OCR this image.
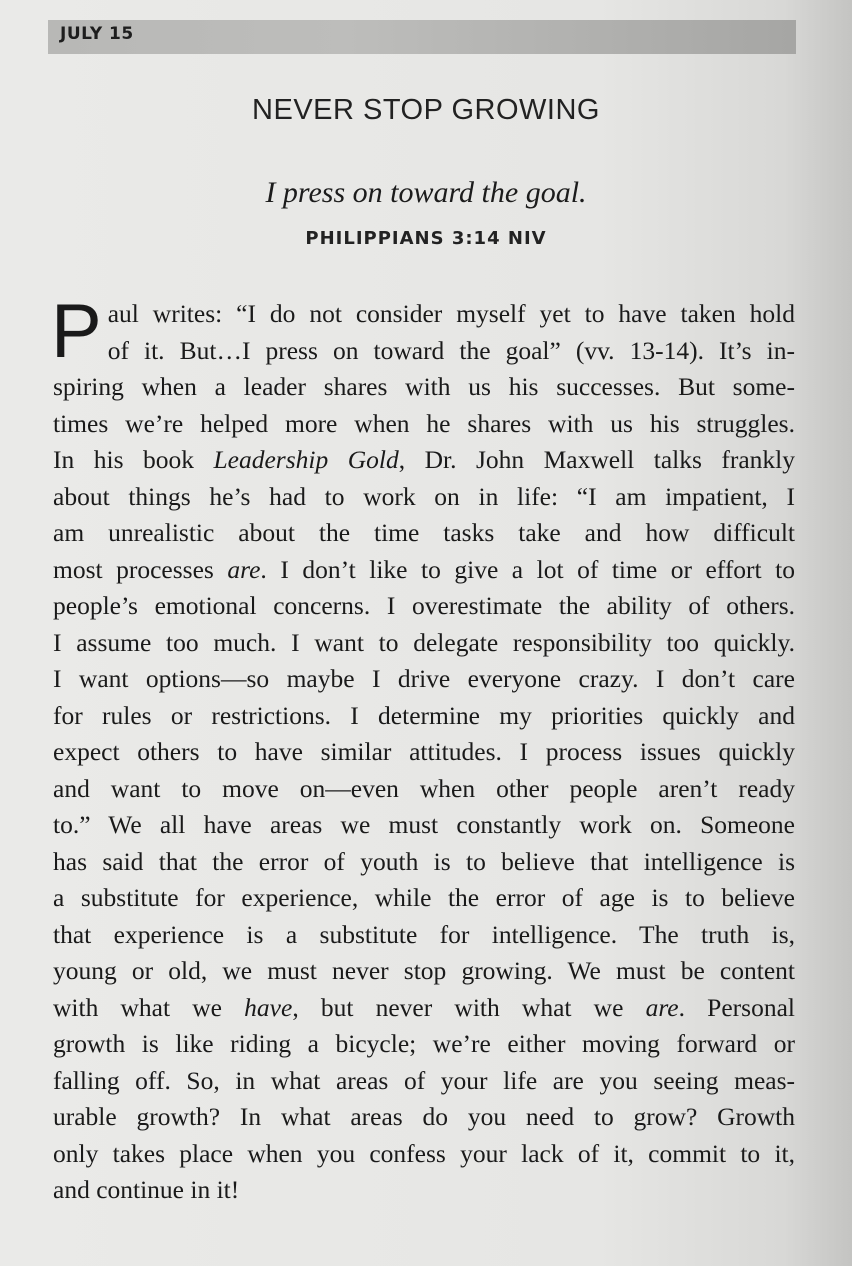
JULY 15
NEVER STOP GROWING
I press on toward the goal.
PHILIPPIANS 3:14 NIV
P aul writes: “I do not consider myself yet to have taken hold
of it. But…I press on toward the goal” (vv. 13-14). It’s in-
spiring when a leader shares with us his successes. But some-
times we’re helped more when he shares with us his struggles.
In his book Leadership Gold, Dr. John Maxwell talks frankly
about things he’s had to work on in life: “I am impatient, I
am unrealistic about the time tasks take and how difficult
most processes are. I don’t like to give a lot of time or effort to
people’s emotional concerns. I overestimate the ability of others.
I assume too much. I want to delegate responsibility too quickly.
I want options—so maybe I drive everyone crazy. I don’t care
for rules or restrictions. I determine my priorities quickly and
expect others to have similar attitudes. I process issues quickly
and want to move on—even when other people aren’t ready
to.” We all have areas we must constantly work on. Someone
has said that the error of youth is to believe that intelligence is
a substitute for experience, while the error of age is to believe
that experience is a substitute for intelligence. The truth is,
young or old, we must never stop growing. We must be content
with what we have, but never with what we are. Personal
growth is like riding a bicycle; we’re either moving forward or
falling off. So, in what areas of your life are you seeing meas-
urable growth? In what areas do you need to grow? Growth
only takes place when you confess your lack of it, commit to it,
and continue in it!
